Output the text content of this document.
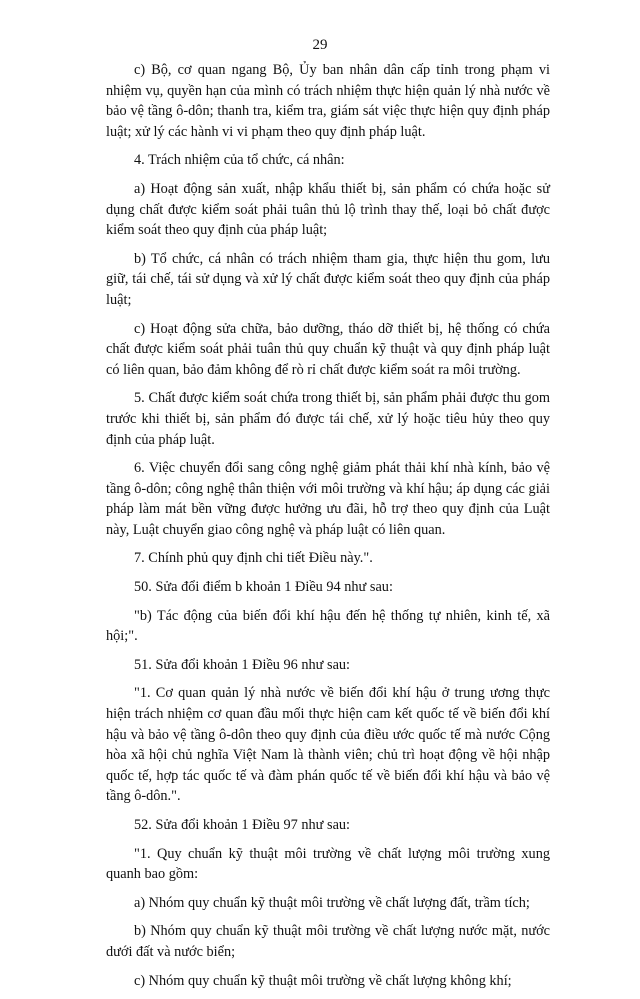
29

c) Bộ, cơ quan ngang Bộ, Ủy ban nhân dân cấp tỉnh trong phạm vi nhiệm vụ, quyền hạn của mình có trách nhiệm thực hiện quản lý nhà nước về bảo vệ tầng ô-dôn; thanh tra, kiểm tra, giám sát việc thực hiện quy định pháp luật; xử lý các hành vi vi phạm theo quy định pháp luật.

4. Trách nhiệm của tổ chức, cá nhân:

a) Hoạt động sản xuất, nhập khẩu thiết bị, sản phẩm có chứa hoặc sử dụng chất được kiểm soát phải tuân thủ lộ trình thay thế, loại bỏ chất được kiểm soát theo quy định của pháp luật;

b) Tổ chức, cá nhân có trách nhiệm tham gia, thực hiện thu gom, lưu giữ, tái chế, tái sử dụng và xử lý chất được kiểm soát theo quy định của pháp luật;

c) Hoạt động sửa chữa, bảo dưỡng, tháo dỡ thiết bị, hệ thống có chứa chất được kiểm soát phải tuân thủ quy chuẩn kỹ thuật và quy định pháp luật có liên quan, bảo đảm không để rò rỉ chất được kiểm soát ra môi trường.

5. Chất được kiểm soát chứa trong thiết bị, sản phẩm phải được thu gom trước khi thiết bị, sản phẩm đó được tái chế, xử lý hoặc tiêu hủy theo quy định của pháp luật.

6. Việc chuyển đổi sang công nghệ giảm phát thải khí nhà kính, bảo vệ tầng ô-dôn; công nghệ thân thiện với môi trường và khí hậu; áp dụng các giải pháp làm mát bền vững được hưởng ưu đãi, hỗ trợ theo quy định của Luật này, Luật chuyển giao công nghệ và pháp luật có liên quan.

7. Chính phủ quy định chi tiết Điều này.".

50. Sửa đổi điểm b khoản 1 Điều 94 như sau:

"b) Tác động của biến đổi khí hậu đến hệ thống tự nhiên, kinh tế, xã hội;".

51. Sửa đổi khoản 1 Điều 96 như sau:

"1. Cơ quan quản lý nhà nước về biến đổi khí hậu ở trung ương thực hiện trách nhiệm cơ quan đầu mối thực hiện cam kết quốc tế về biến đổi khí hậu và bảo vệ tầng ô-dôn theo quy định của điều ước quốc tế mà nước Cộng hòa xã hội chủ nghĩa Việt Nam là thành viên; chủ trì hoạt động về hội nhập quốc tế, hợp tác quốc tế và đàm phán quốc tế về biến đổi khí hậu và bảo vệ tầng ô-dôn.".

52. Sửa đổi khoản 1 Điều 97 như sau:

"1. Quy chuẩn kỹ thuật môi trường về chất lượng môi trường xung quanh bao gồm:

a) Nhóm quy chuẩn kỹ thuật môi trường về chất lượng đất, trầm tích;

b) Nhóm quy chuẩn kỹ thuật môi trường về chất lượng nước mặt, nước dưới đất và nước biển;

c) Nhóm quy chuẩn kỹ thuật môi trường về chất lượng không khí;
